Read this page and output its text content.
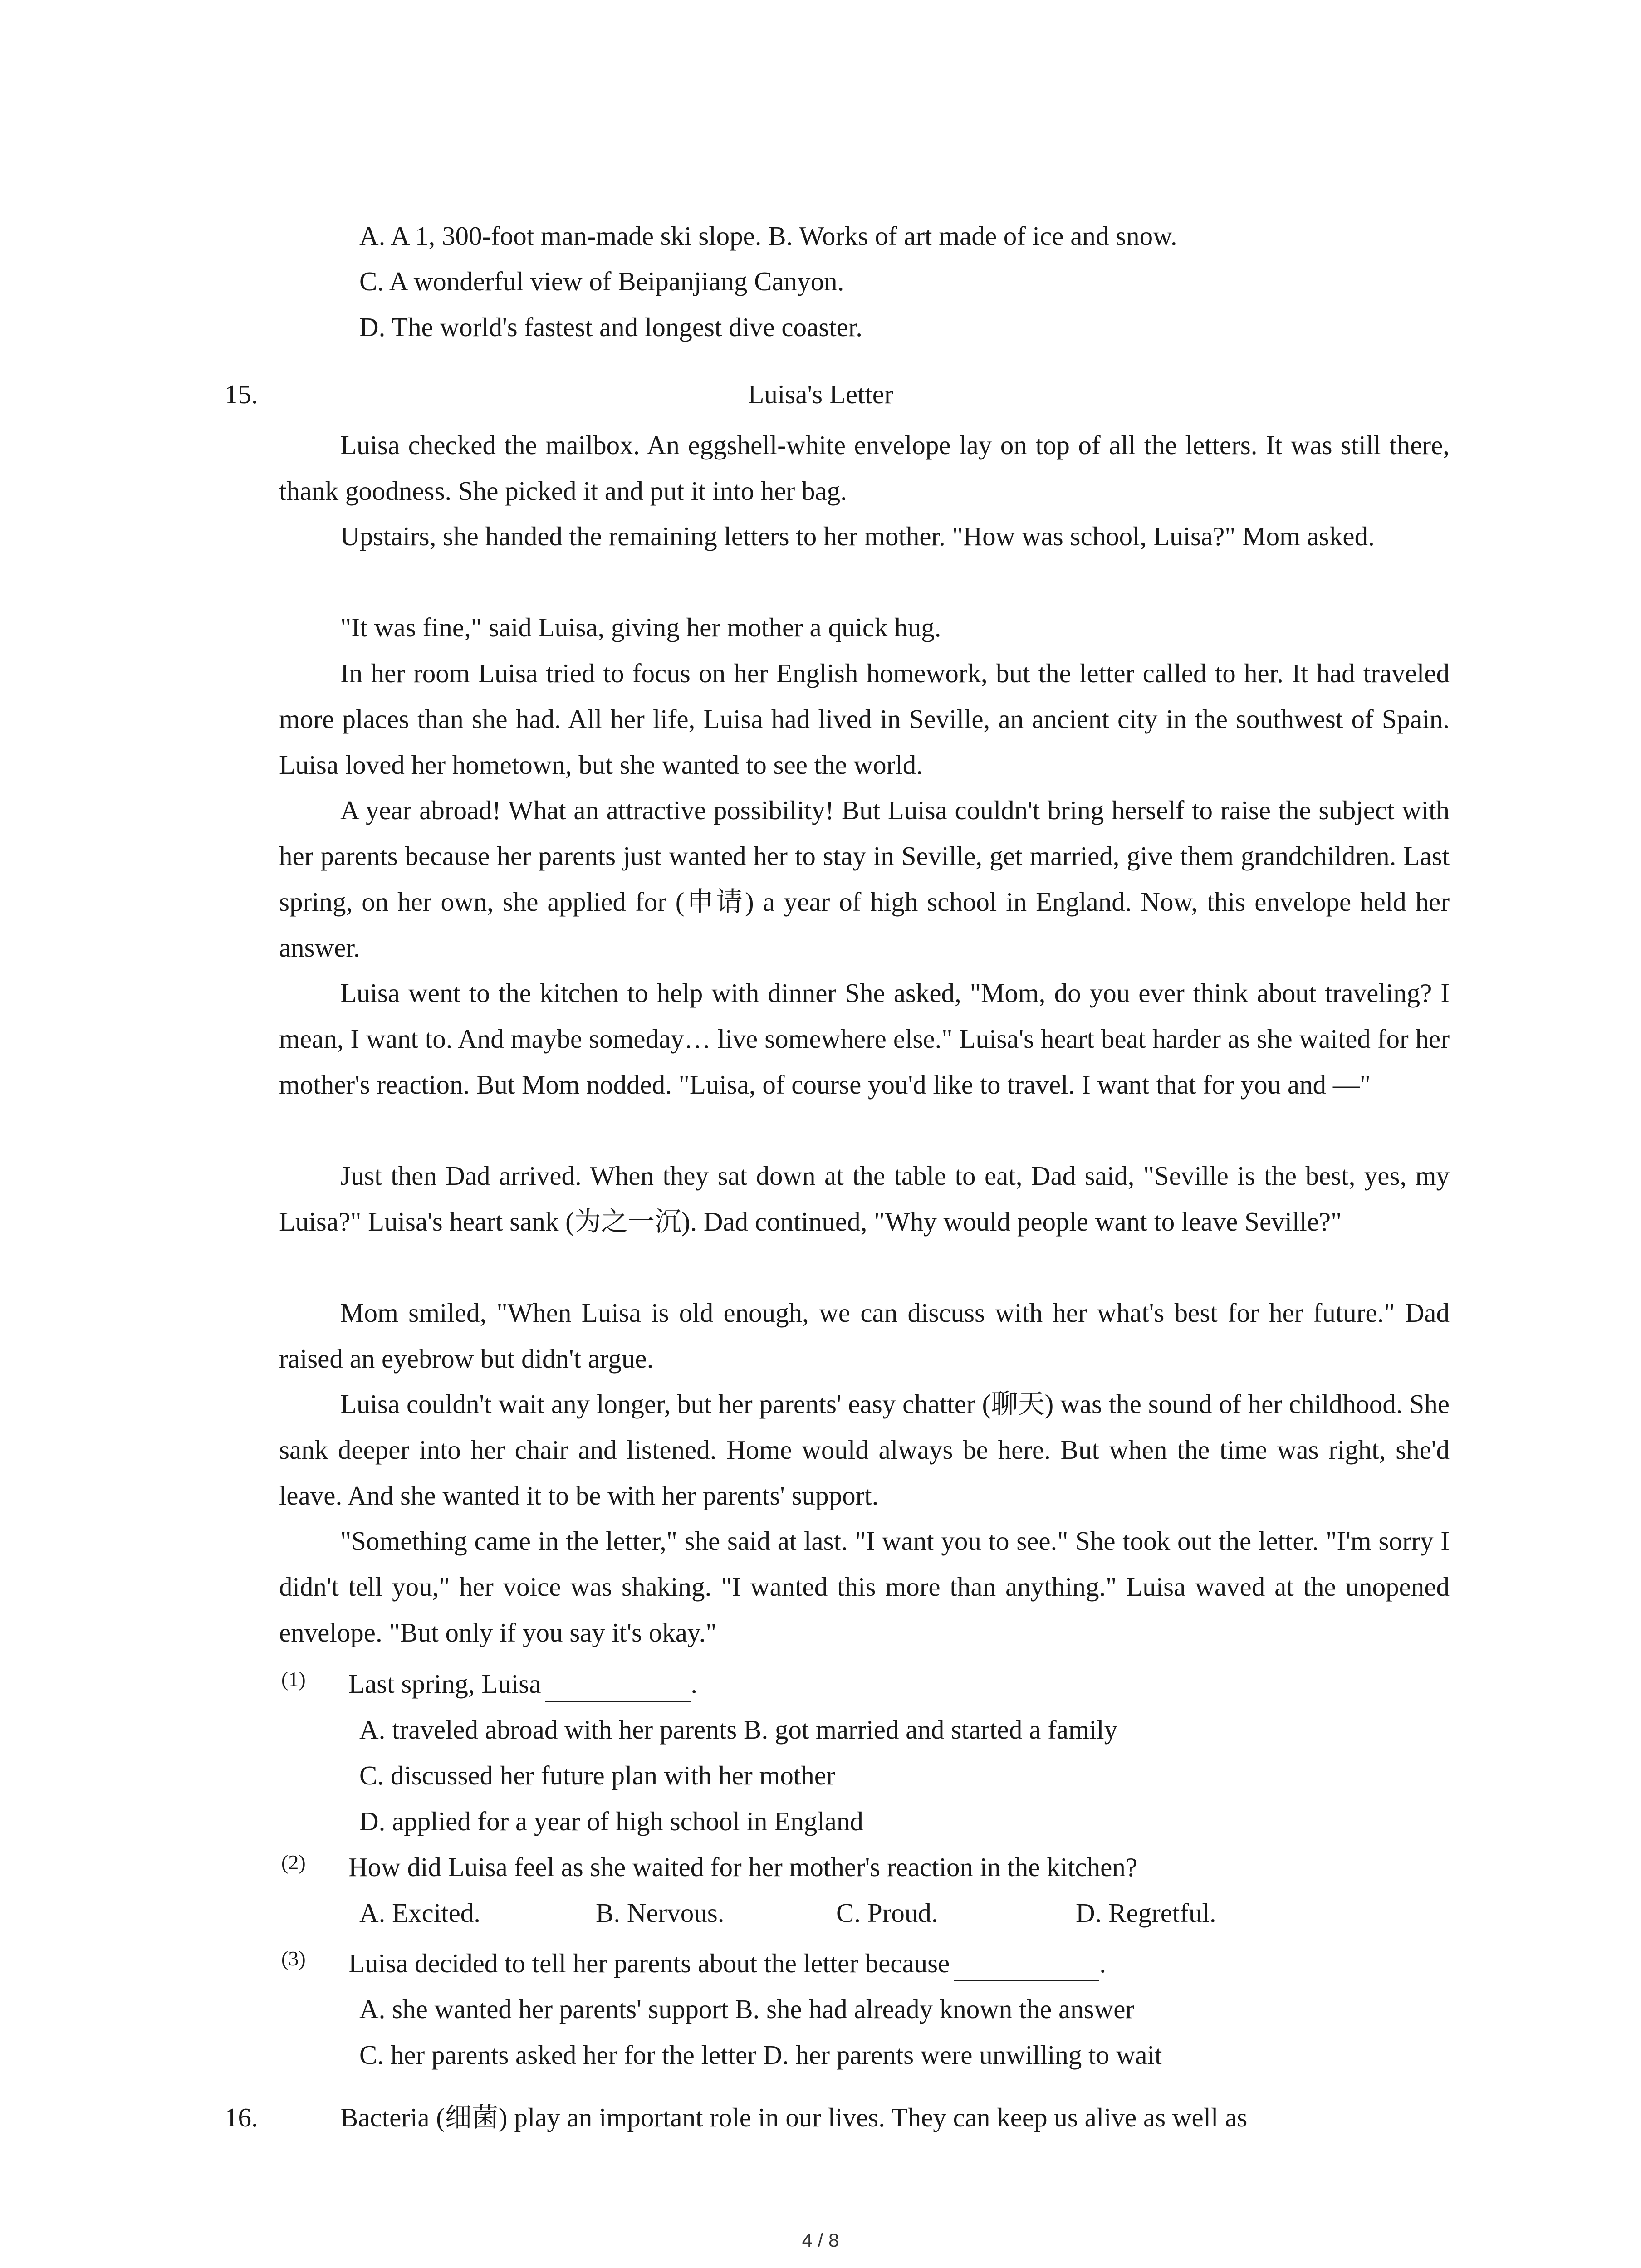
A. A 1, 300-foot man-made ski slope. B. Works of art made of ice and snow.
C. A wonderful view of Beipanjiang Canyon.
D. The world's fastest and longest dive coaster.
15.	Luisa's Letter

Luisa checked the mailbox. An eggshell-white envelope lay on top of all the letters. It was still there, thank goodness. She picked it and put it into her bag.

Upstairs, she handed the remaining letters to her mother. "How was school, Luisa?" Mom asked.

"It was fine," said Luisa, giving her mother a quick hug.

In her room Luisa tried to focus on her English homework, but the letter called to her. It had traveled more places than she had. All her life, Luisa had lived in Seville, an ancient city in the southwest of Spain. Luisa loved her hometown, but she wanted to see the world.

A year abroad! What an attractive possibility! But Luisa couldn't bring herself to raise the subject with her parents because her parents just wanted her to stay in Seville, get married, give them grandchildren. Last spring, on her own, she applied for (申请) a year of high school in England. Now, this envelope held her answer.

Luisa went to the kitchen to help with dinner She asked, "Mom, do you ever think about traveling? I mean, I want to. And maybe someday… live somewhere else." Luisa's heart beat harder as she waited for her mother's reaction. But Mom nodded. "Luisa, of course you'd like to travel. I want that for you and —"

Just then Dad arrived. When they sat down at the table to eat, Dad said, "Seville is the best, yes, my Luisa?" Luisa's heart sank (为之一沉). Dad continued, "Why would people want to leave Seville?"

Mom smiled, "When Luisa is old enough, we can discuss with her what's best for her future." Dad raised an eyebrow but didn't argue.

Luisa couldn't wait any longer, but her parents' easy chatter (聊天) was the sound of her childhood. She sank deeper into her chair and listened. Home would always be here. But when the time was right, she'd leave. And she wanted it to be with her parents' support.

"Something came in the letter," she said at last. "I want you to see." She took out the letter. "I'm sorry I didn't tell you," her voice was shaking. "I wanted this more than anything." Luisa waved at the unopened envelope. "But only if you say it's okay."

(1) Last spring, Luisa	.
A. traveled abroad with her parents B. got married and started a family
C. discussed her future plan with her mother
D. applied for a year of high school in England
(2) How did Luisa feel as she waited for her mother's reaction in the kitchen?
A. Excited.	B. Nervous.	C. Proud.	D. Regretful.
(3) Luisa decided to tell her parents about the letter because	.
A. she wanted her parents' support B. she had already known the answer
C. her parents asked her for the letter D. her parents were unwilling to wait
16.	Bacteria (细菌) play an important role in our lives. They can keep us alive as well as
4 / 8
